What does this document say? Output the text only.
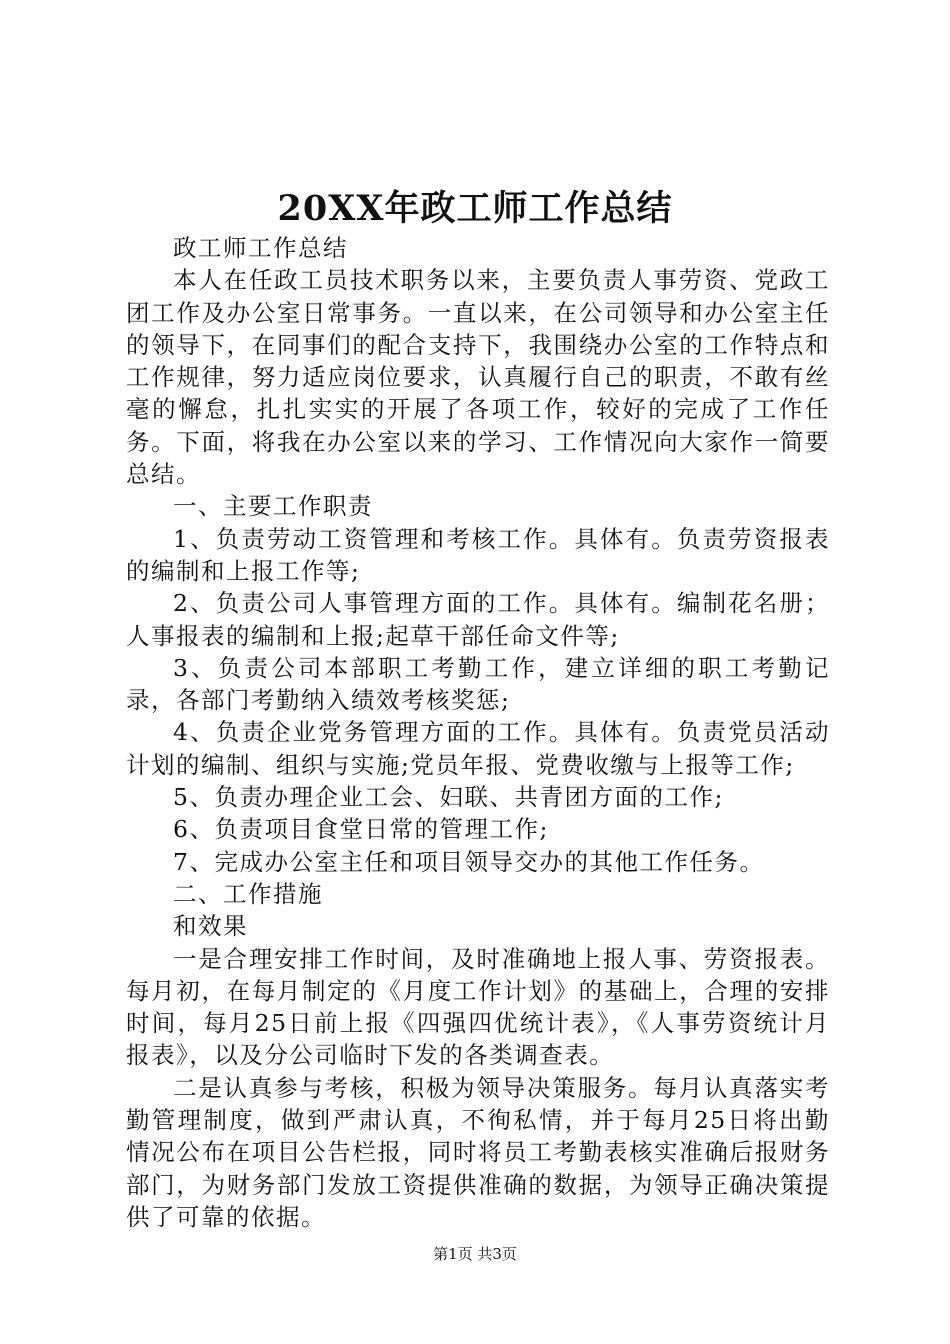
20XX年政工师工作总结

政工师工作总结

本人在任政工员技术职务以来，主要负责人事劳资、党政工团工作及办公室日常事务。一直以来，在公司领导和办公室主任的领导下，在同事们的配合支持下，我围绕办公室的工作特点和工作规律，努力适应岗位要求，认真履行自己的职责，不敢有丝毫的懈怠，扎扎实实的开展了各项工作，较好的完成了工作任务。下面，将我在办公室以来的学习、工作情况向大家作一简要总结。

一、主要工作职责

1、负责劳动工资管理和考核工作。具体有。负责劳资报表的编制和上报工作等;

2、负责公司人事管理方面的工作。具体有。编制花名册；人事报表的编制和上报;起草干部任命文件等;

3、负责公司本部职工考勤工作，建立详细的职工考勤记录，各部门考勤纳入绩效考核奖惩;

4、负责企业党务管理方面的工作。具体有。负责党员活动计划的编制、组织与实施;党员年报、党费收缴与上报等工作;

5、负责办理企业工会、妇联、共青团方面的工作;

6、负责项目食堂日常的管理工作;

7、完成办公室主任和项目领导交办的其他工作任务。

二、工作措施

和效果

一是合理安排工作时间，及时准确地上报人事、劳资报表。每月初，在每月制定的《月度工作计划》的基础上，合理的安排时间，每月25日前上报《四强四优统计表》，《人事劳资统计月报表》，以及分公司临时下发的各类调查表。

二是认真参与考核，积极为领导决策服务。每月认真落实考勤管理制度，做到严肃认真，不徇私情，并于每月25日将出勤情况公布在项目公告栏报，同时将员工考勤表核实准确后报财务部门，为财务部门发放工资提供准确的数据，为领导正确决策提供了可靠的依据。

第1页 共3页
